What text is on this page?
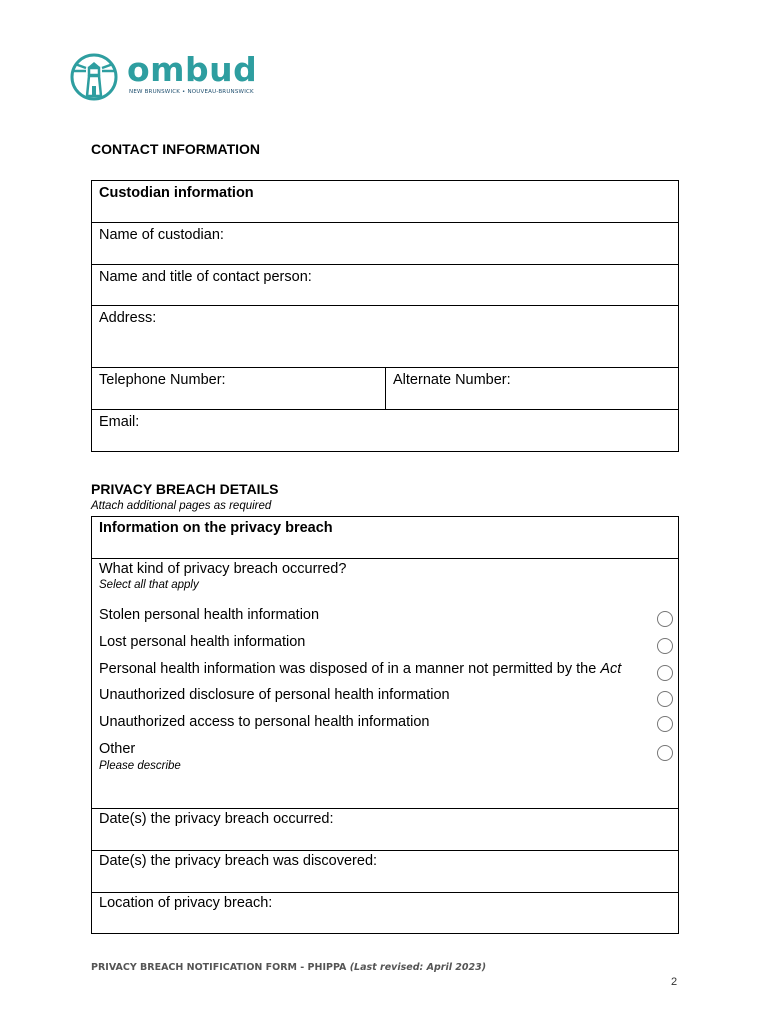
ombud
NEW BRUNSWICK • NOUVEAU-BRUNSWICK
CONTACT INFORMATION
Custodian information
Name of custodian:
Name and title of contact person:
Address:
Telephone Number:	Alternate Number:
Email:
PRIVACY BREACH DETAILS
Attach additional pages as required
Information on the privacy breach
What kind of privacy breach occurred?
Select all that apply
Stolen personal health information
Lost personal health information
Personal health information was disposed of in a manner not permitted by the Act
Unauthorized disclosure of personal health information
Unauthorized access to personal health information
Other
Please describe
Date(s) the privacy breach occurred:
Date(s) the privacy breach was discovered:
Location of privacy breach:
PRIVACY BREACH NOTIFICATION FORM - PHIPPA (Last revised: April 2023)
2
